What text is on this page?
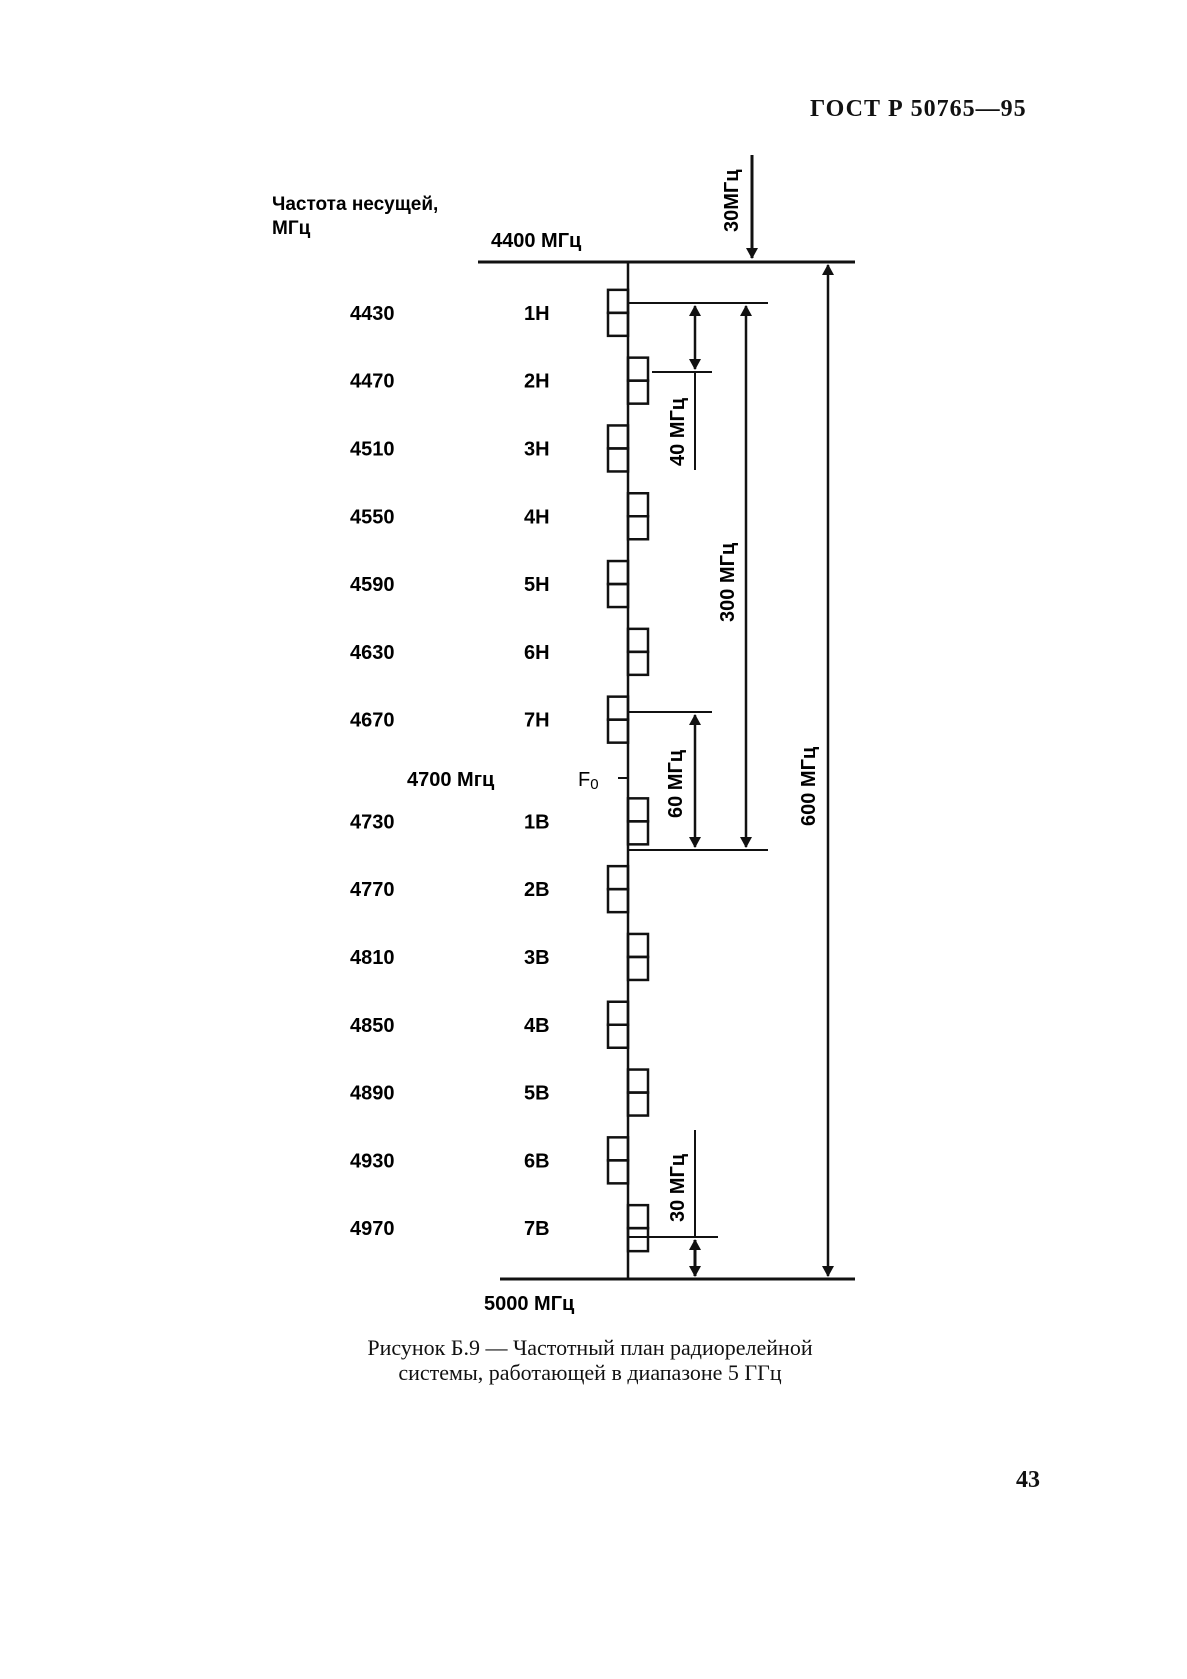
ГОСТ Р 50765—95
Частота несущей,
МГц
4400 МГц
5000 МГц
4700 Мгц	F0
4430	1Н
4470	2Н
4510	3Н
4550	4Н
4590	5Н
4630	6Н
4670	7Н
4730	1В
4770	2В
4810	3В
4850	4В
4890	5В
4930	6В
4970	7В
30МГц
40 МГц
300 МГц
60 МГц	600 МГц
30 МГц
Рисунок Б.9 — Частотный план радиорелейной
системы, работающей в диапазоне 5 ГГц
43
